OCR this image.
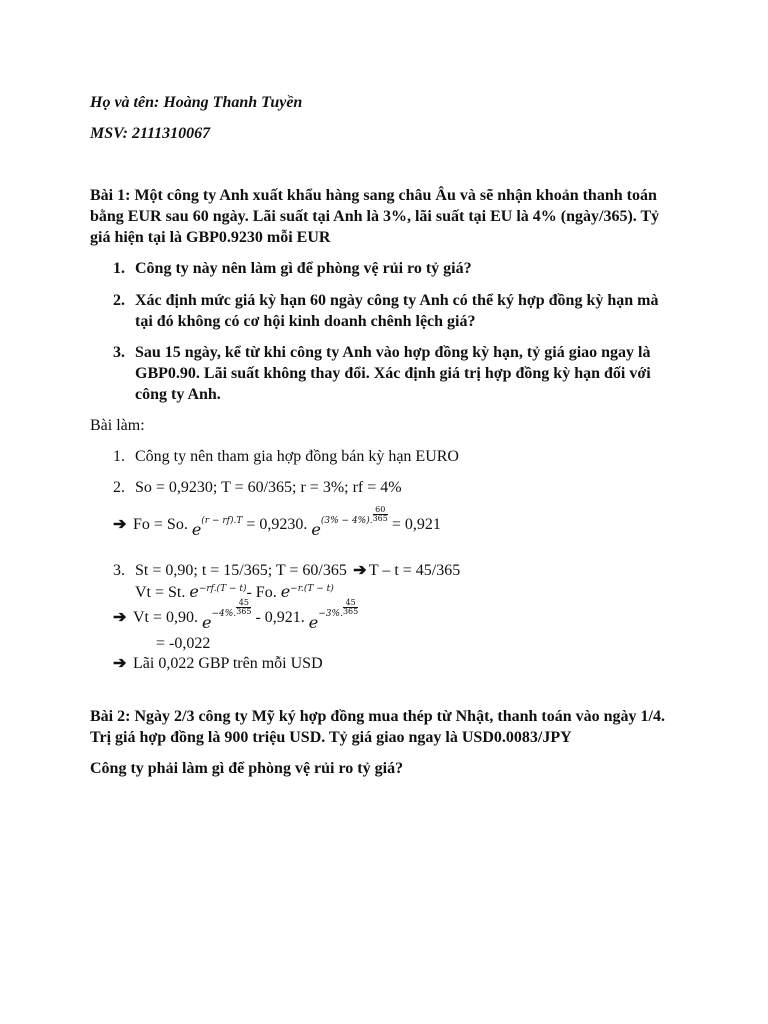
Họ và tên: Hoàng Thanh Tuyền
MSV: 2111310067
Bài 1: Một công ty Anh xuất khẩu hàng sang châu Âu và sẽ nhận khoản thanh toán
bằng EUR sau 60 ngày. Lãi suất tại Anh là 3%, lãi suất tại EU là 4% (ngày/365). Tỷ
giá hiện tại là GBP0.9230 mỗi EUR
1. Công ty này nên làm gì để phòng vệ rủi ro tỷ giá?
2. Xác định mức giá kỳ hạn 60 ngày công ty Anh có thể ký hợp đồng kỳ hạn mà
tại đó không có cơ hội kinh doanh chênh lệch giá?
3. Sau 15 ngày, kể từ khi công ty Anh vào hợp đồng kỳ hạn, tỷ giá giao ngay là
GBP0.90. Lãi suất không thay đổi. Xác định giá trị hợp đồng kỳ hạn đối với
công ty Anh.
Bài làm:
1. Công ty nên tham gia hợp đồng bán kỳ hạn EURO
2. So = 0,9230; T = 60/365; r = 3%; rf = 4%
➔ Fo = So. $e^{(r - rf).T} = 0,9230$. $e^{(3\% - 4\%).} \frac{60}{365}$
= 0,921
3. St = 0,90; t = 15/365; T = 60/365 ➔ T – t = 45/365
Vt = St. $e^{-rf.(T - t)}-$ Fo. $e^{-r.(T - t)}$
➔ Vt = 0,90. $e^{-4\%.} \frac{45}{365}$
- 0,921. $e^{-3\%.} \frac{45}{365}$
= -0,022
➔ Lãi 0,022 GBP trên mỗi USD
Bài 2: Ngày 2/3 công ty Mỹ ký hợp đồng mua thép từ Nhật, thanh toán vào ngày 1/4.
Trị giá hợp đồng là 900 triệu USD. Tỷ giá giao ngay là USD0.0083/JPY
Công ty phải làm gì để phòng vệ rủi ro tỷ giá?
